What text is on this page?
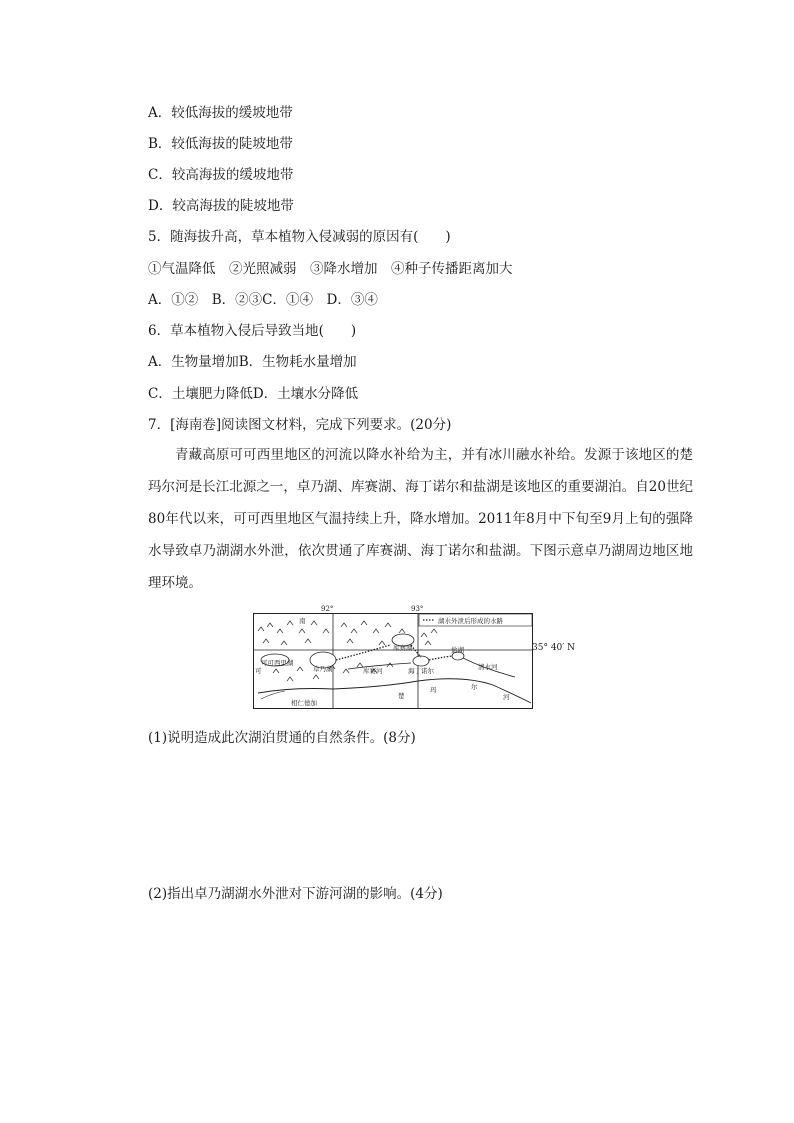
A．较低海拔的缓坡地带
B．较低海拔的陡坡地带
C．较高海拔的缓坡地带
D．较高海拔的陡坡地带
5．随海拔升高，草本植物入侵减弱的原因有(　　)
①气温降低　②光照减弱　③降水增加　④种子传播距离加大
A．①②　B．②③C．①④　D．③④
6．草本植物入侵后导致当地(　　)
A．生物量增加B．生物耗水量增加
C．土壤肥力降低D．土壤水分降低
7．[海南卷]阅读图文材料，完成下列要求。(20分)
青藏高原可可西里地区的河流以降水补给为主，并有冰川融水补给。发源于该地区的楚玛尔河是长江北源之一，卓乃湖、库赛湖、海丁诺尔和盐湖是该地区的重要湖泊。自20世纪80年代以来，可可西里地区气温持续上升，降水增加。2011年8月中下旬至9月上旬的强降水导致卓乃湖湖水外泄，依次贯通了库赛湖、海丁诺尔和盐湖。下图示意卓乃湖周边地区地理环境。
92°	93°
湖水外泄后形成的水路
南
可可西里湖
卓乃湖
库赛湖
库赛河	海丁诺尔
盐湖
清水河
相仁德加
可
楚
玛	尔
河
35° 40′ N
(1)说明造成此次湖泊贯通的自然条件。(8分)
(2)指出卓乃湖湖水外泄对下游河湖的影响。(4分)
